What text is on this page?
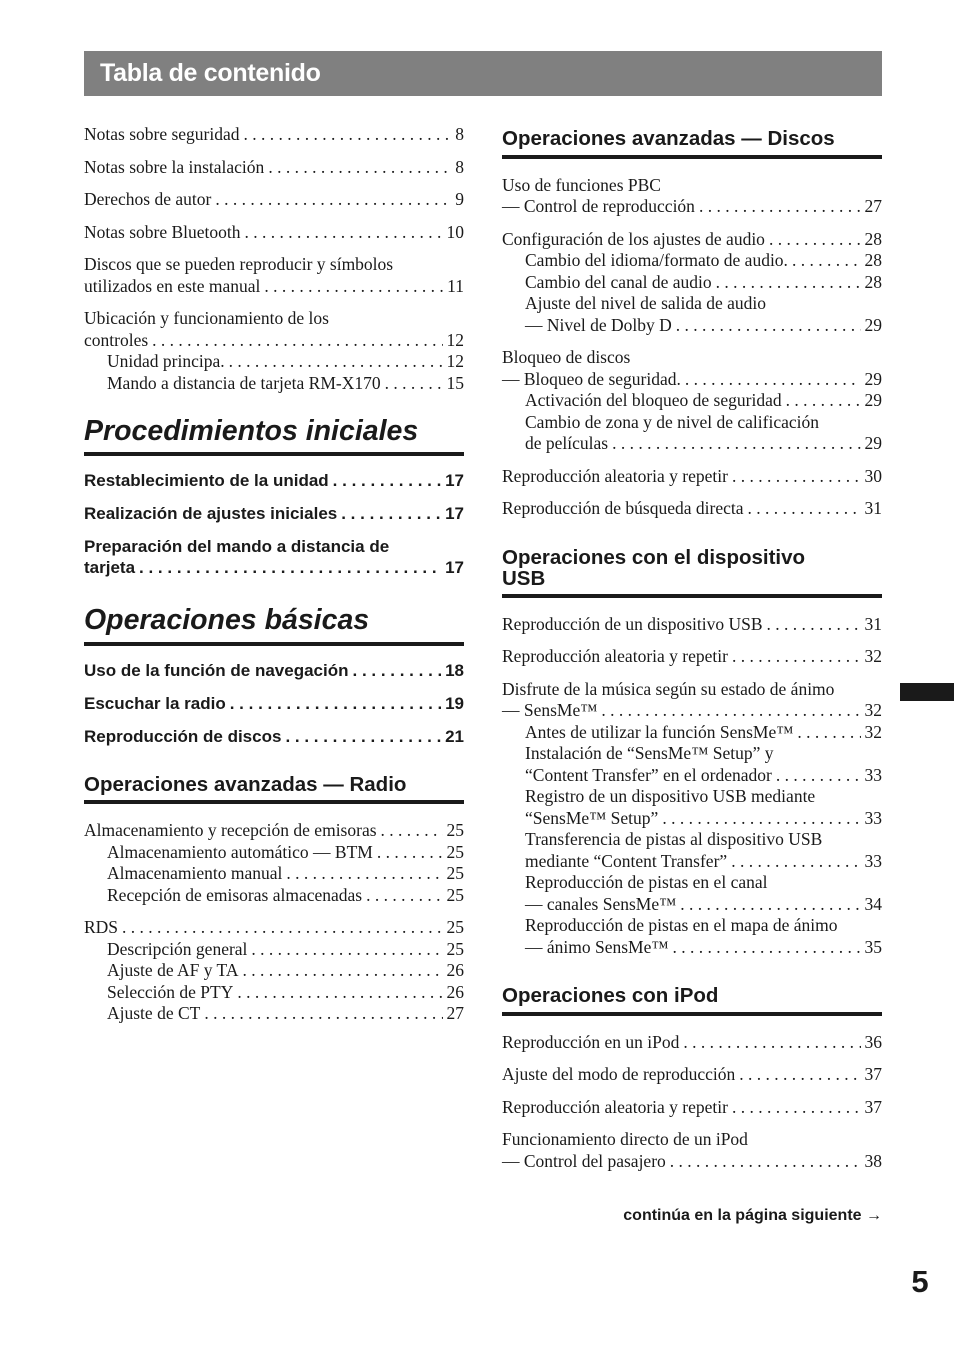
Tabla de contenido
Notas sobre seguridad . . .	8
Notas sobre la instalación . . .	8
Derechos de autor . . .	9
Notas sobre Bluetooth . . .	10
Discos que se pueden reproducir y símbolos
utilizados en este manual . . .	11
Ubicación y funcionamiento de los
controles . . .	12
Unidad principa. . . .	12
Mando a distancia de tarjeta RM-X170 . . .	15
Procedimientos iniciales
Restablecimiento de la unidad . . .	17
Realización de ajustes iniciales . . .	17
Preparación del mando a distancia de
tarjeta . . .	17
Operaciones básicas
Uso de la función de navegación . . .	18
Escuchar la radio . . .	19
Reproducción de discos . . .	21
Operaciones avanzadas — Radio
Almacenamiento y recepción de emisoras . . .	25
Almacenamiento automático — BTM . . .	25
Almacenamiento manual . . .	25
Recepción de emisoras almacenadas . . .	25
RDS . . .	25
Descripción general . . .	25
Ajuste de AF y TA . . .	26
Selección de PTY . . .	26
Ajuste de CT . . .	27
Operaciones avanzadas — Discos
Uso de funciones PBC
— Control de reproducción . . .	27
Configuración de los ajustes de audio . . .	28
Cambio del idioma/formato de audio. . . .	28
Cambio del canal de audio . . .	28
Ajuste del nivel de salida de audio
— Nivel de Dolby D . . .	29
Bloqueo de discos
— Bloqueo de seguridad. . . .	29
Activación del bloqueo de seguridad . . .	29
Cambio de zona y de nivel de calificación
de películas . . .	29
Reproducción aleatoria y repetir . . .	30
Reproducción de búsqueda directa . . .	31
Operaciones con el dispositivo
USB
Reproducción de un dispositivo USB . . .	31
Reproducción aleatoria y repetir . . .	32
Disfrute de la música según su estado de ánimo
— SensMe™ . . .	32
Antes de utilizar la función SensMe™ . . .	32
Instalación de “SensMe™ Setup” y
“Content Transfer” en el ordenador . . .	33
Registro de un dispositivo USB mediante
“SensMe™ Setup” . . .	33
Transferencia de pistas al dispositivo USB
mediante “Content Transfer” . . .	33
Reproducción de pistas en el canal
— canales SensMe™ . . .	34
Reproducción de pistas en el mapa de ánimo
— ánimo SensMe™ . . .	35
Operaciones con iPod
Reproducción en un iPod . . .	36
Ajuste del modo de reproducción . . .	37
Reproducción aleatoria y repetir . . .	37
Funcionamiento directo de un iPod
— Control del pasajero . . .	38
continúa en la página siguiente →
5
